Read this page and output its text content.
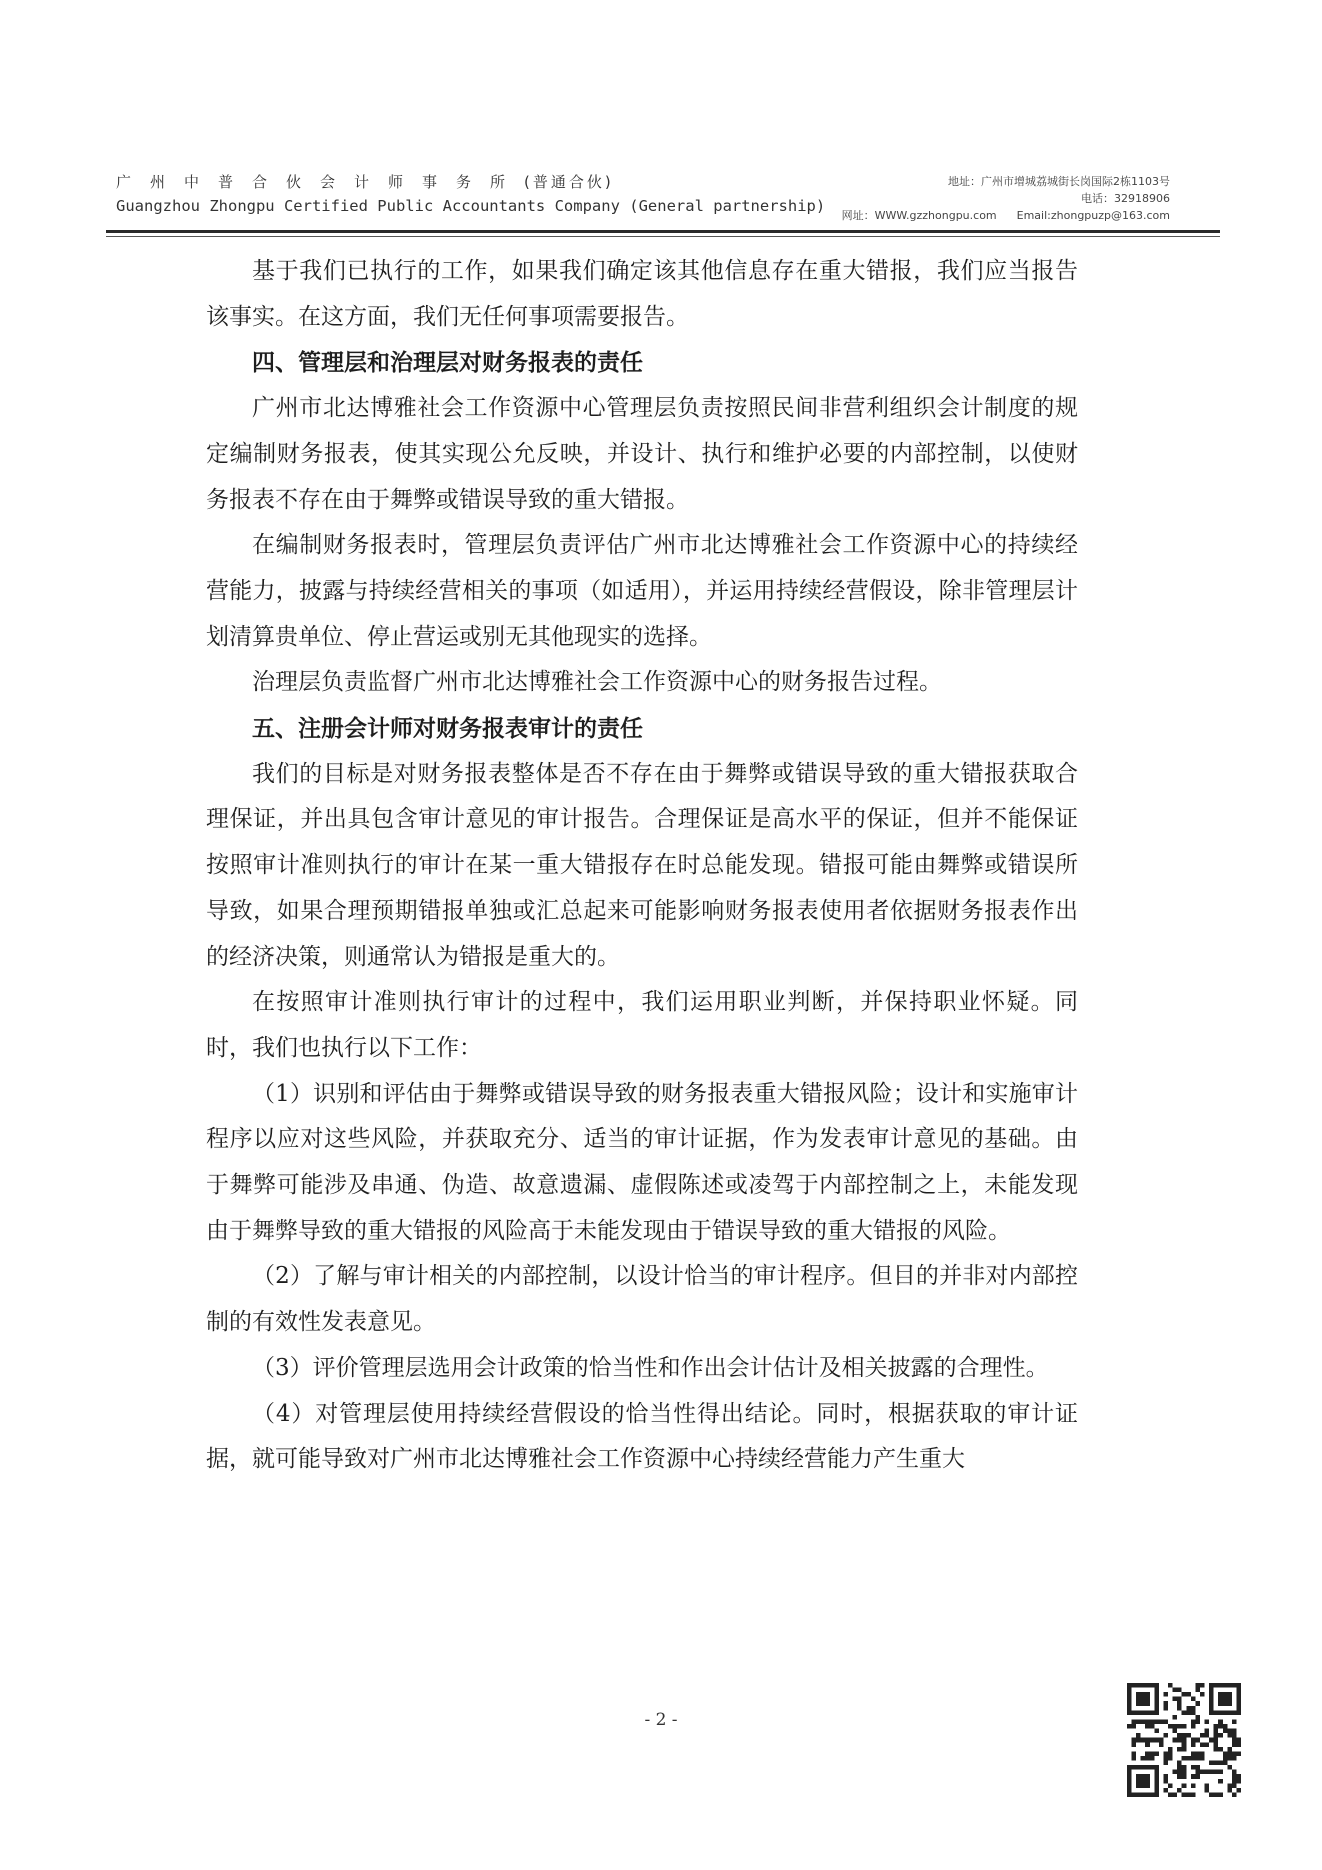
广州中普合伙会计师事务所(普通合伙)
Guangzhou Zhongpu Certified Public Accountants Company (General partnership)
地址：广州市增城荔城街长岗国际2栋1103号
电话：32918906
网址：WWW.gzzhongpu.com Email:zhongpuzp@163.com

基于我们已执行的工作，如果我们确定该其他信息存在重大错报，我们应当报告该事实。在这方面，我们无任何事项需要报告。

四、管理层和治理层对财务报表的责任

广州市北达博雅社会工作资源中心管理层负责按照民间非营利组织会计制度的规定编制财务报表，使其实现公允反映，并设计、执行和维护必要的内部控制，以使财务报表不存在由于舞弊或错误导致的重大错报。

在编制财务报表时，管理层负责评估广州市北达博雅社会工作资源中心的持续经营能力，披露与持续经营相关的事项（如适用），并运用持续经营假设，除非管理层计划清算贵单位、停止营运或别无其他现实的选择。

治理层负责监督广州市北达博雅社会工作资源中心的财务报告过程。

五、注册会计师对财务报表审计的责任

我们的目标是对财务报表整体是否不存在由于舞弊或错误导致的重大错报获取合理保证，并出具包含审计意见的审计报告。合理保证是高水平的保证，但并不能保证按照审计准则执行的审计在某一重大错报存在时总能发现。错报可能由舞弊或错误所导致，如果合理预期错报单独或汇总起来可能影响财务报表使用者依据财务报表作出的经济决策，则通常认为错报是重大的。

在按照审计准则执行审计的过程中，我们运用职业判断，并保持职业怀疑。同时，我们也执行以下工作：

（1）识别和评估由于舞弊或错误导致的财务报表重大错报风险；设计和实施审计程序以应对这些风险，并获取充分、适当的审计证据，作为发表审计意见的基础。由于舞弊可能涉及串通、伪造、故意遗漏、虚假陈述或凌驾于内部控制之上，未能发现由于舞弊导致的重大错报的风险高于未能发现由于错误导致的重大错报的风险。

（2）了解与审计相关的内部控制，以设计恰当的审计程序。但目的并非对内部控制的有效性发表意见。

（3）评价管理层选用会计政策的恰当性和作出会计估计及相关披露的合理性。

（4）对管理层使用持续经营假设的恰当性得出结论。同时，根据获取的审计证据，就可能导致对广州市北达博雅社会工作资源中心持续经营能力产生重大

- 2 -
